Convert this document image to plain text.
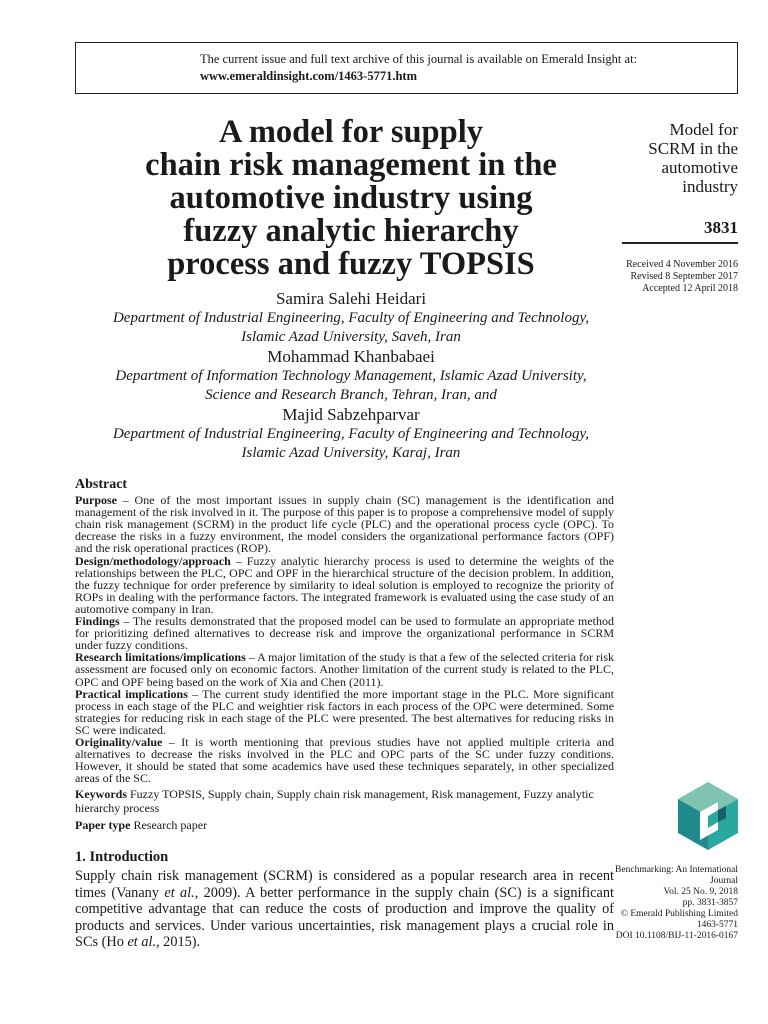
The current issue and full text archive of this journal is available on Emerald Insight at:
www.emeraldinsight.com/1463-5771.htm
A model for supply
chain risk management in the
automotive industry using
fuzzy analytic hierarchy
process and fuzzy TOPSIS
Samira Salehi Heidari
Department of Industrial Engineering, Faculty of Engineering and Technology,
Islamic Azad University, Saveh, Iran
Mohammad Khanbabaei
Department of Information Technology Management, Islamic Azad University,
Science and Research Branch, Tehran, Iran, and
Majid Sabzehparvar
Department of Industrial Engineering, Faculty of Engineering and Technology,
Islamic Azad University, Karaj, Iran
Model for
SCRM in the
automotive
industry
3831
Received 4 November 2016
Revised 8 September 2017
Accepted 12 April 2018
Abstract

Purpose – One of the most important issues in supply chain (SC) management is the identification and management of the risk involved in it. The purpose of this paper is to propose a comprehensive model of supply chain risk management (SCRM) in the product life cycle (PLC) and the operational process cycle (OPC). To decrease the risks in a fuzzy environment, the model considers the organizational performance factors (OPF) and the risk operational practices (ROP).

Design/methodology/approach – Fuzzy analytic hierarchy process is used to determine the weights of the relationships between the PLC, OPC and OPF in the hierarchical structure of the decision problem. In addition, the fuzzy technique for order preference by similarity to ideal solution is employed to recognize the priority of ROPs in dealing with the performance factors. The integrated framework is evaluated using the case study of an automotive company in Iran.

Findings – The results demonstrated that the proposed model can be used to formulate an appropriate method for prioritizing defined alternatives to decrease risk and improve the organizational performance in SCRM under fuzzy conditions.

Research limitations/implications – A major limitation of the study is that a few of the selected criteria for risk assessment are focused only on economic factors. Another limitation of the current study is related to the PLC, OPC and OPF being based on the work of Xia and Chen (2011).

Practical implications – The current study identified the more important stage in the PLC. More significant process in each stage of the PLC and weightier risk factors in each process of the OPC were determined. Some strategies for reducing risk in each stage of the PLC were presented. The best alternatives for reducing risks in SC were indicated.

Originality/value – It is worth mentioning that previous studies have not applied multiple criteria and alternatives to decrease the risks involved in the PLC and OPC parts of the SC under fuzzy conditions. However, it should be stated that some academics have used these techniques separately, in other specialized areas of the SC.

Keywords Fuzzy TOPSIS, Supply chain, Supply chain risk management, Risk management, Fuzzy analytic hierarchy process
Paper type Research paper
1. Introduction
Supply chain risk management (SCRM) is considered as a popular research area in recent times (Vanany et al., 2009). A better performance in the supply chain (SC) is a significant competitive advantage that can reduce the costs of production and improve the quality of products and services. Under various uncertainties, risk management plays a crucial role in SCs (Ho et al., 2015).
Benchmarking: An International
Journal
Vol. 25 No. 9, 2018
pp. 3831-3857
© Emerald Publishing Limited
1463-5771
DOI 10.1108/BIJ-11-2016-0167
